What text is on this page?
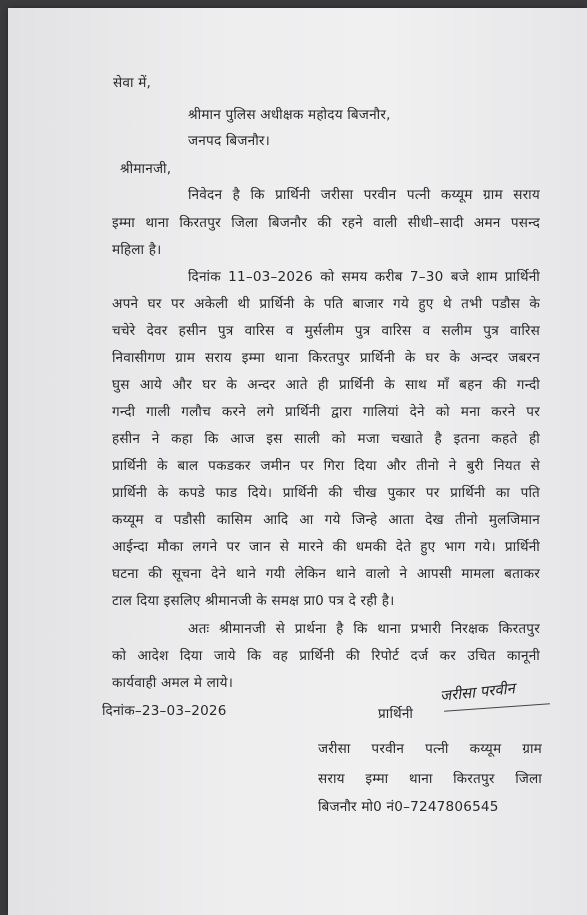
सेवा में,
श्रीमान पुलिस अधीक्षक महोदय बिजनौर,
जनपद बिजनौर।
श्रीमानजी,
निवेदन है कि प्रार्थिनी जरीसा परवीन पत्नी कय्यूम ग्राम सराय
इम्मा थाना किरतपुर जिला बिजनौर की रहने वाली सीधी–सादी अमन पसन्द
महिला है।
दिनांक 11–03–2026 को समय करीब 7–30 बजे शाम प्रार्थिनी
अपने घर पर अकेली थी प्रार्थिनी के पति बाजार गये हुए थे तभी पडौस के
चचेरे देवर हसीन पुत्र वारिस व मुर्सलीम पुत्र वारिस व सलीम पुत्र वारिस
निवासीगण ग्राम सराय इम्मा थाना किरतपुर प्रार्थिनी के घर के अन्दर जबरन
घुस आये और घर के अन्दर आते ही प्रार्थिनी के साथ माँ बहन की गन्दी
गन्दी गाली गलौच करने लगे प्रार्थिनी द्वारा गालियां देने को मना करने पर
हसीन ने कहा कि आज इस साली को मजा चखाते है इतना कहते ही
प्रार्थिनी के बाल पकडकर जमीन पर गिरा दिया और तीनो ने बुरी नियत से
प्रार्थिनी के कपडे फाड दिये। प्रार्थिनी की चीख पुकार पर प्रार्थिनी का पति
कय्यूम व पडौसी कासिम आदि आ गये जिन्हे आता देख तीनो मुलजिमान
आईन्दा मौका लगने पर जान से मारने की धमकी देते हुए भाग गये। प्रार्थिनी
घटना की सूचना देने थाने गयी लेकिन थाने वालो ने आपसी मामला बताकर
टाल दिया इसलिए श्रीमानजी के समक्ष प्रा0 पत्र दे रही है।
अतः श्रीमानजी से प्रार्थना है कि थाना प्रभारी निरक्षक किरतपुर
को आदेश दिया जाये कि वह प्रार्थिनी की रिपोर्ट दर्ज कर उचित कानूनी
कार्यवाही अमल मे लाये।	जरीसा परवीन
दिनांक–23–03–2026	प्रार्थिनी
जरीसा परवीन पत्नी कय्यूम ग्राम
सराय इम्मा थाना किरतपुर जिला
बिजनौर मो0 नं0–7247806545
